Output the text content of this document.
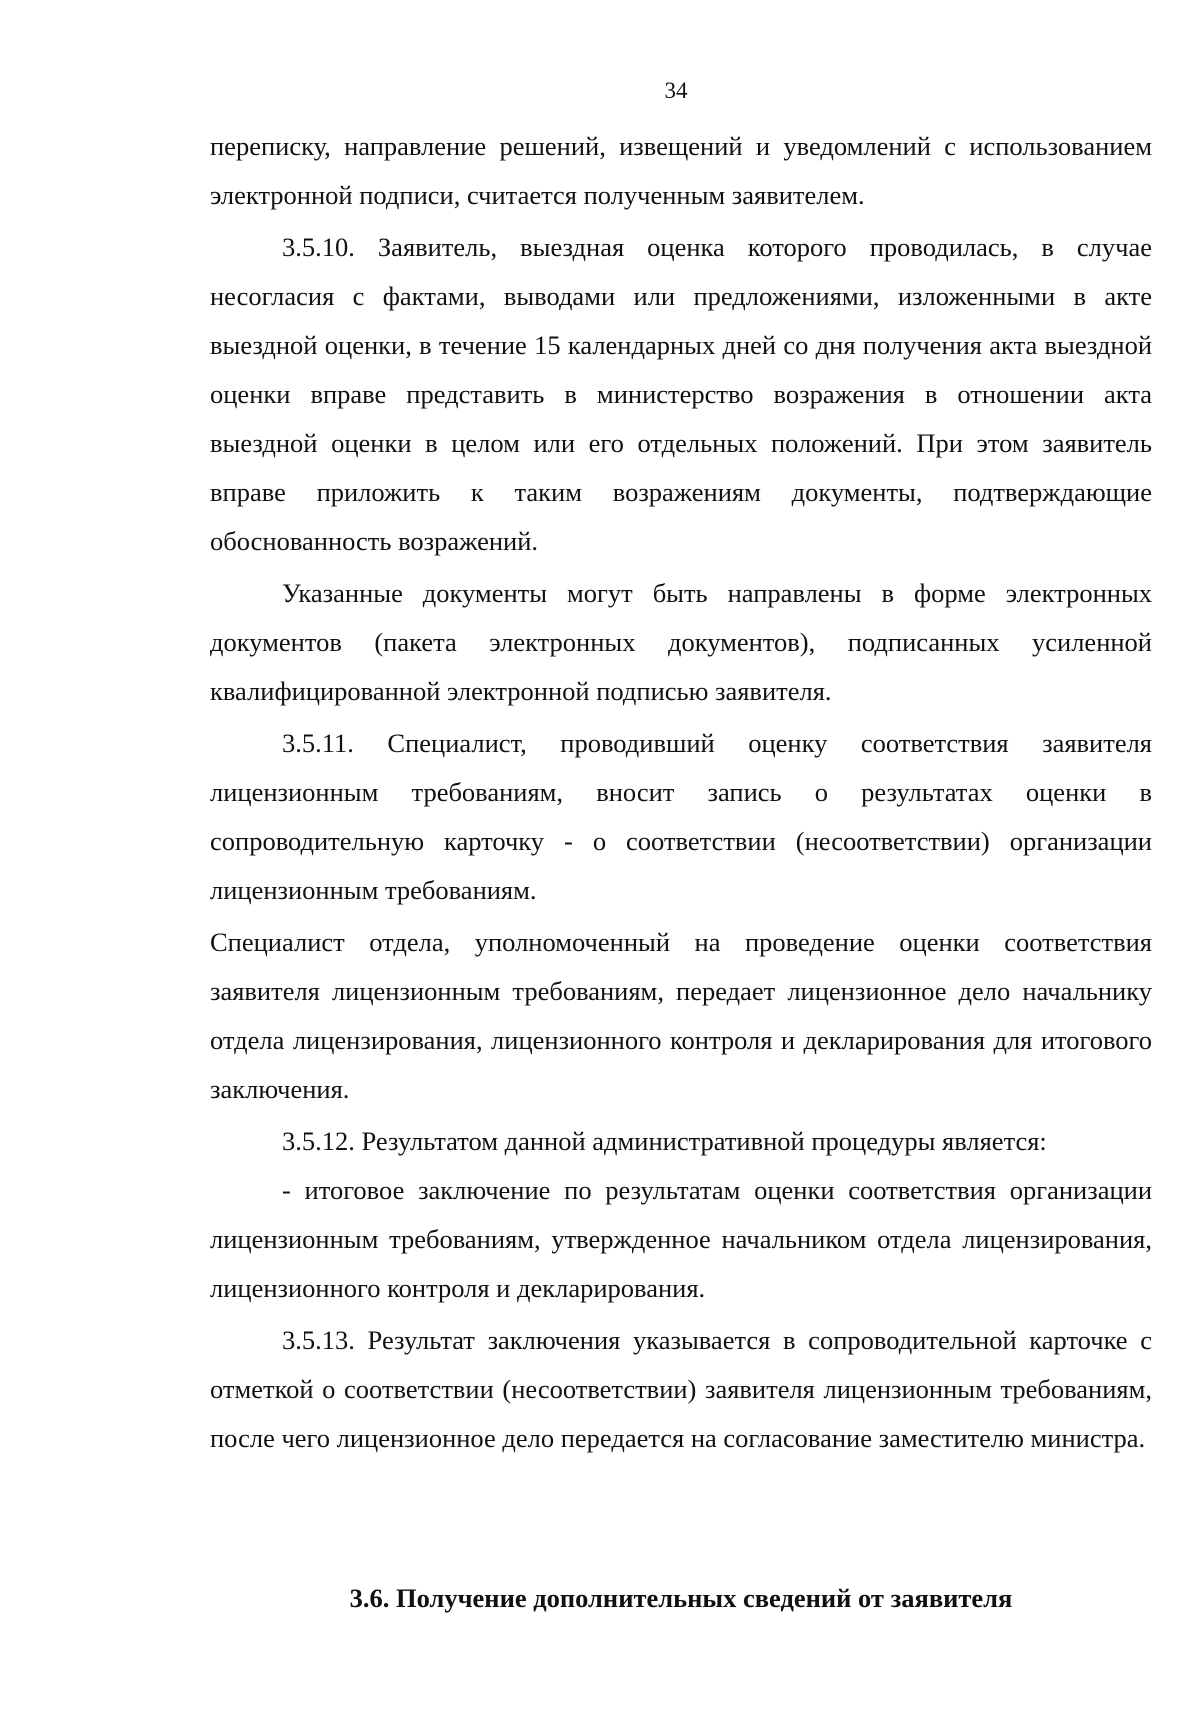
34

переписку, направление решений, извещений и уведомлений с использованием электронной подписи, считается полученным заявителем.

3.5.10. Заявитель, выездная оценка которого проводилась, в случае несогласия с фактами, выводами или предложениями, изложенными в акте выездной оценки, в течение 15 календарных дней со дня получения акта выездной оценки вправе представить в министерство возражения в отношении акта выездной оценки в целом или его отдельных положений. При этом заявитель вправе приложить к таким возражениям документы, подтверждающие обоснованность возражений.

Указанные документы могут быть направлены в форме электронных документов (пакета электронных документов), подписанных усиленной квалифицированной электронной подписью заявителя.

3.5.11. Специалист, проводивший оценку соответствия заявителя лицензионным требованиям, вносит запись о результатах оценки в сопроводительную карточку - о соответствии (несоответствии) организации лицензионным требованиям.

Специалист отдела, уполномоченный на проведение оценки соответствия заявителя лицензионным требованиям, передает лицензионное дело начальнику отдела лицензирования, лицензионного контроля и декларирования для итогового заключения.

3.5.12. Результатом данной административной процедуры является:

- итоговое заключение по результатам оценки соответствия организации лицензионным требованиям, утвержденное начальником отдела лицензирования, лицензионного контроля и декларирования.

3.5.13. Результат заключения указывается в сопроводительной карточке с отметкой о соответствии (несоответствии) заявителя лицензионным требованиям, после чего лицензионное дело передается на согласование заместителю министра.

3.6. Получение дополнительных сведений от заявителя
